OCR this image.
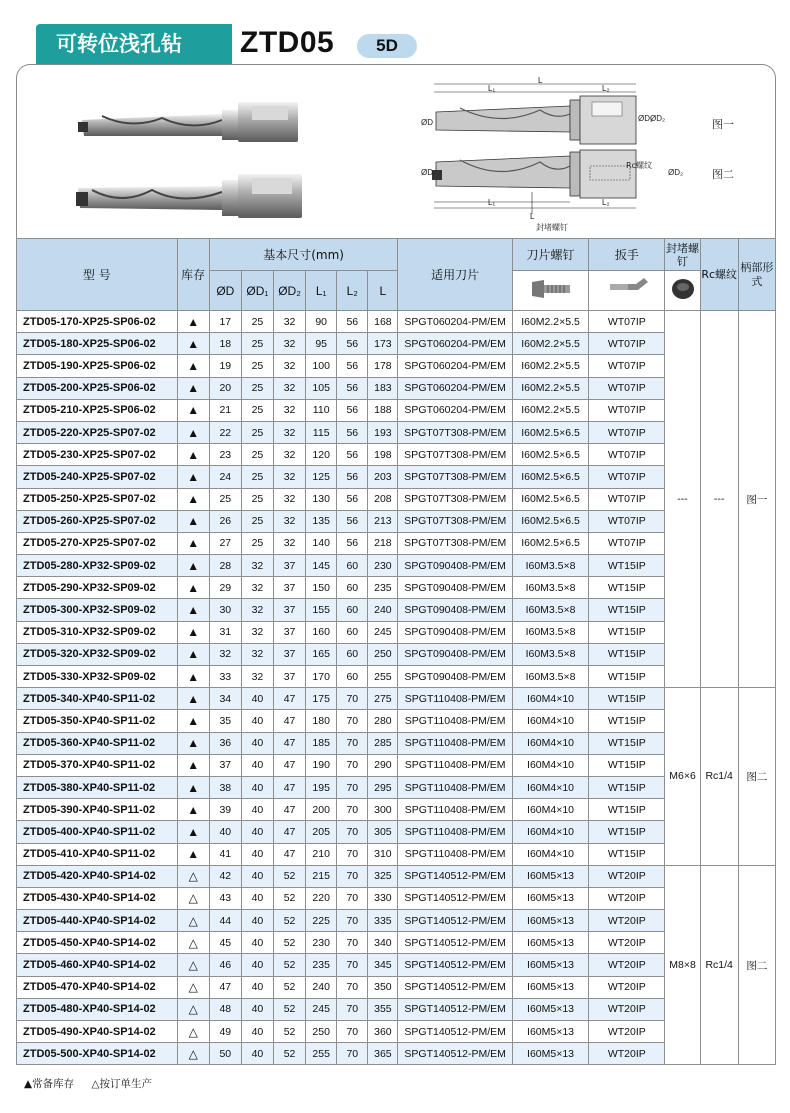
可转位浅孔钻	ZTD05	5D
L
L₁	L₂
ØD	ØD₁
ØD₂	图一
Rc螺纹
ØD	ØD₂
L₁	L₂
L
封堵螺钉
图二
型 号	库存	基本尺寸(mm)						适用刀片	刀片螺钉	扳手	封堵螺钉	Rc螺纹	柄部形式
		ØD	ØD₁	ØD₂	L₁	L₂	L			
ZTD05-170-XP25-SP06-02	▲	17	25	32	90	56	168	SPGT060204-PM/EM	I60M2.2×5.5	WT07IP	---	---	图一
ZTD05-180-XP25-SP06-02	▲	18	25	32	95	56	173	SPGT060204-PM/EM	I60M2.2×5.5	WT07IP			
ZTD05-190-XP25-SP06-02	▲	19	25	32	100	56	178	SPGT060204-PM/EM	I60M2.2×5.5	WT07IP			
ZTD05-200-XP25-SP06-02	▲	20	25	32	105	56	183	SPGT060204-PM/EM	I60M2.2×5.5	WT07IP			
ZTD05-210-XP25-SP06-02	▲	21	25	32	110	56	188	SPGT060204-PM/EM	I60M2.2×5.5	WT07IP			
ZTD05-220-XP25-SP07-02	▲	22	25	32	115	56	193	SPGT07T308-PM/EM	I60M2.5×6.5	WT07IP			
ZTD05-230-XP25-SP07-02	▲	23	25	32	120	56	198	SPGT07T308-PM/EM	I60M2.5×6.5	WT07IP			
ZTD05-240-XP25-SP07-02	▲	24	25	32	125	56	203	SPGT07T308-PM/EM	I60M2.5×6.5	WT07IP			
ZTD05-250-XP25-SP07-02	▲	25	25	32	130	56	208	SPGT07T308-PM/EM	I60M2.5×6.5	WT07IP			
ZTD05-260-XP25-SP07-02	▲	26	25	32	135	56	213	SPGT07T308-PM/EM	I60M2.5×6.5	WT07IP			
ZTD05-270-XP25-SP07-02	▲	27	25	32	140	56	218	SPGT07T308-PM/EM	I60M2.5×6.5	WT07IP			
ZTD05-280-XP32-SP09-02	▲	28	32	37	145	60	230	SPGT090408-PM/EM	I60M3.5×8	WT15IP			
ZTD05-290-XP32-SP09-02	▲	29	32	37	150	60	235	SPGT090408-PM/EM	I60M3.5×8	WT15IP			
ZTD05-300-XP32-SP09-02	▲	30	32	37	155	60	240	SPGT090408-PM/EM	I60M3.5×8	WT15IP			
ZTD05-310-XP32-SP09-02	▲	31	32	37	160	60	245	SPGT090408-PM/EM	I60M3.5×8	WT15IP			
ZTD05-320-XP32-SP09-02	▲	32	32	37	165	60	250	SPGT090408-PM/EM	I60M3.5×8	WT15IP			
ZTD05-330-XP32-SP09-02	▲	33	32	37	170	60	255	SPGT090408-PM/EM	I60M3.5×8	WT15IP			
ZTD05-340-XP40-SP11-02	▲	34	40	47	175	70	275	SPGT110408-PM/EM	I60M4×10	WT15IP	M6×6	Rc1/4	图二
ZTD05-350-XP40-SP11-02	▲	35	40	47	180	70	280	SPGT110408-PM/EM	I60M4×10	WT15IP			
ZTD05-360-XP40-SP11-02	▲	36	40	47	185	70	285	SPGT110408-PM/EM	I60M4×10	WT15IP			
ZTD05-370-XP40-SP11-02	▲	37	40	47	190	70	290	SPGT110408-PM/EM	I60M4×10	WT15IP			
ZTD05-380-XP40-SP11-02	▲	38	40	47	195	70	295	SPGT110408-PM/EM	I60M4×10	WT15IP			
ZTD05-390-XP40-SP11-02	▲	39	40	47	200	70	300	SPGT110408-PM/EM	I60M4×10	WT15IP			
ZTD05-400-XP40-SP11-02	▲	40	40	47	205	70	305	SPGT110408-PM/EM	I60M4×10	WT15IP			
ZTD05-410-XP40-SP11-02	▲	41	40	47	210	70	310	SPGT110408-PM/EM	I60M4×10	WT15IP			
ZTD05-420-XP40-SP14-02	△	42	40	52	215	70	325	SPGT140512-PM/EM	I60M5×13	WT20IP	M8×8	Rc1/4	图二
ZTD05-430-XP40-SP14-02	△	43	40	52	220	70	330	SPGT140512-PM/EM	I60M5×13	WT20IP			
ZTD05-440-XP40-SP14-02	△	44	40	52	225	70	335	SPGT140512-PM/EM	I60M5×13	WT20IP			
ZTD05-450-XP40-SP14-02	△	45	40	52	230	70	340	SPGT140512-PM/EM	I60M5×13	WT20IP			
ZTD05-460-XP40-SP14-02	△	46	40	52	235	70	345	SPGT140512-PM/EM	I60M5×13	WT20IP			
ZTD05-470-XP40-SP14-02	△	47	40	52	240	70	350	SPGT140512-PM/EM	I60M5×13	WT20IP			
ZTD05-480-XP40-SP14-02	△	48	40	52	245	70	355	SPGT140512-PM/EM	I60M5×13	WT20IP			
ZTD05-490-XP40-SP14-02	△	49	40	52	250	70	360	SPGT140512-PM/EM	I60M5×13	WT20IP			
ZTD05-500-XP40-SP14-02	△	50	40	52	255	70	365	SPGT140512-PM/EM	I60M5×13	WT20IP			
▲常备库存 △按订单生产
